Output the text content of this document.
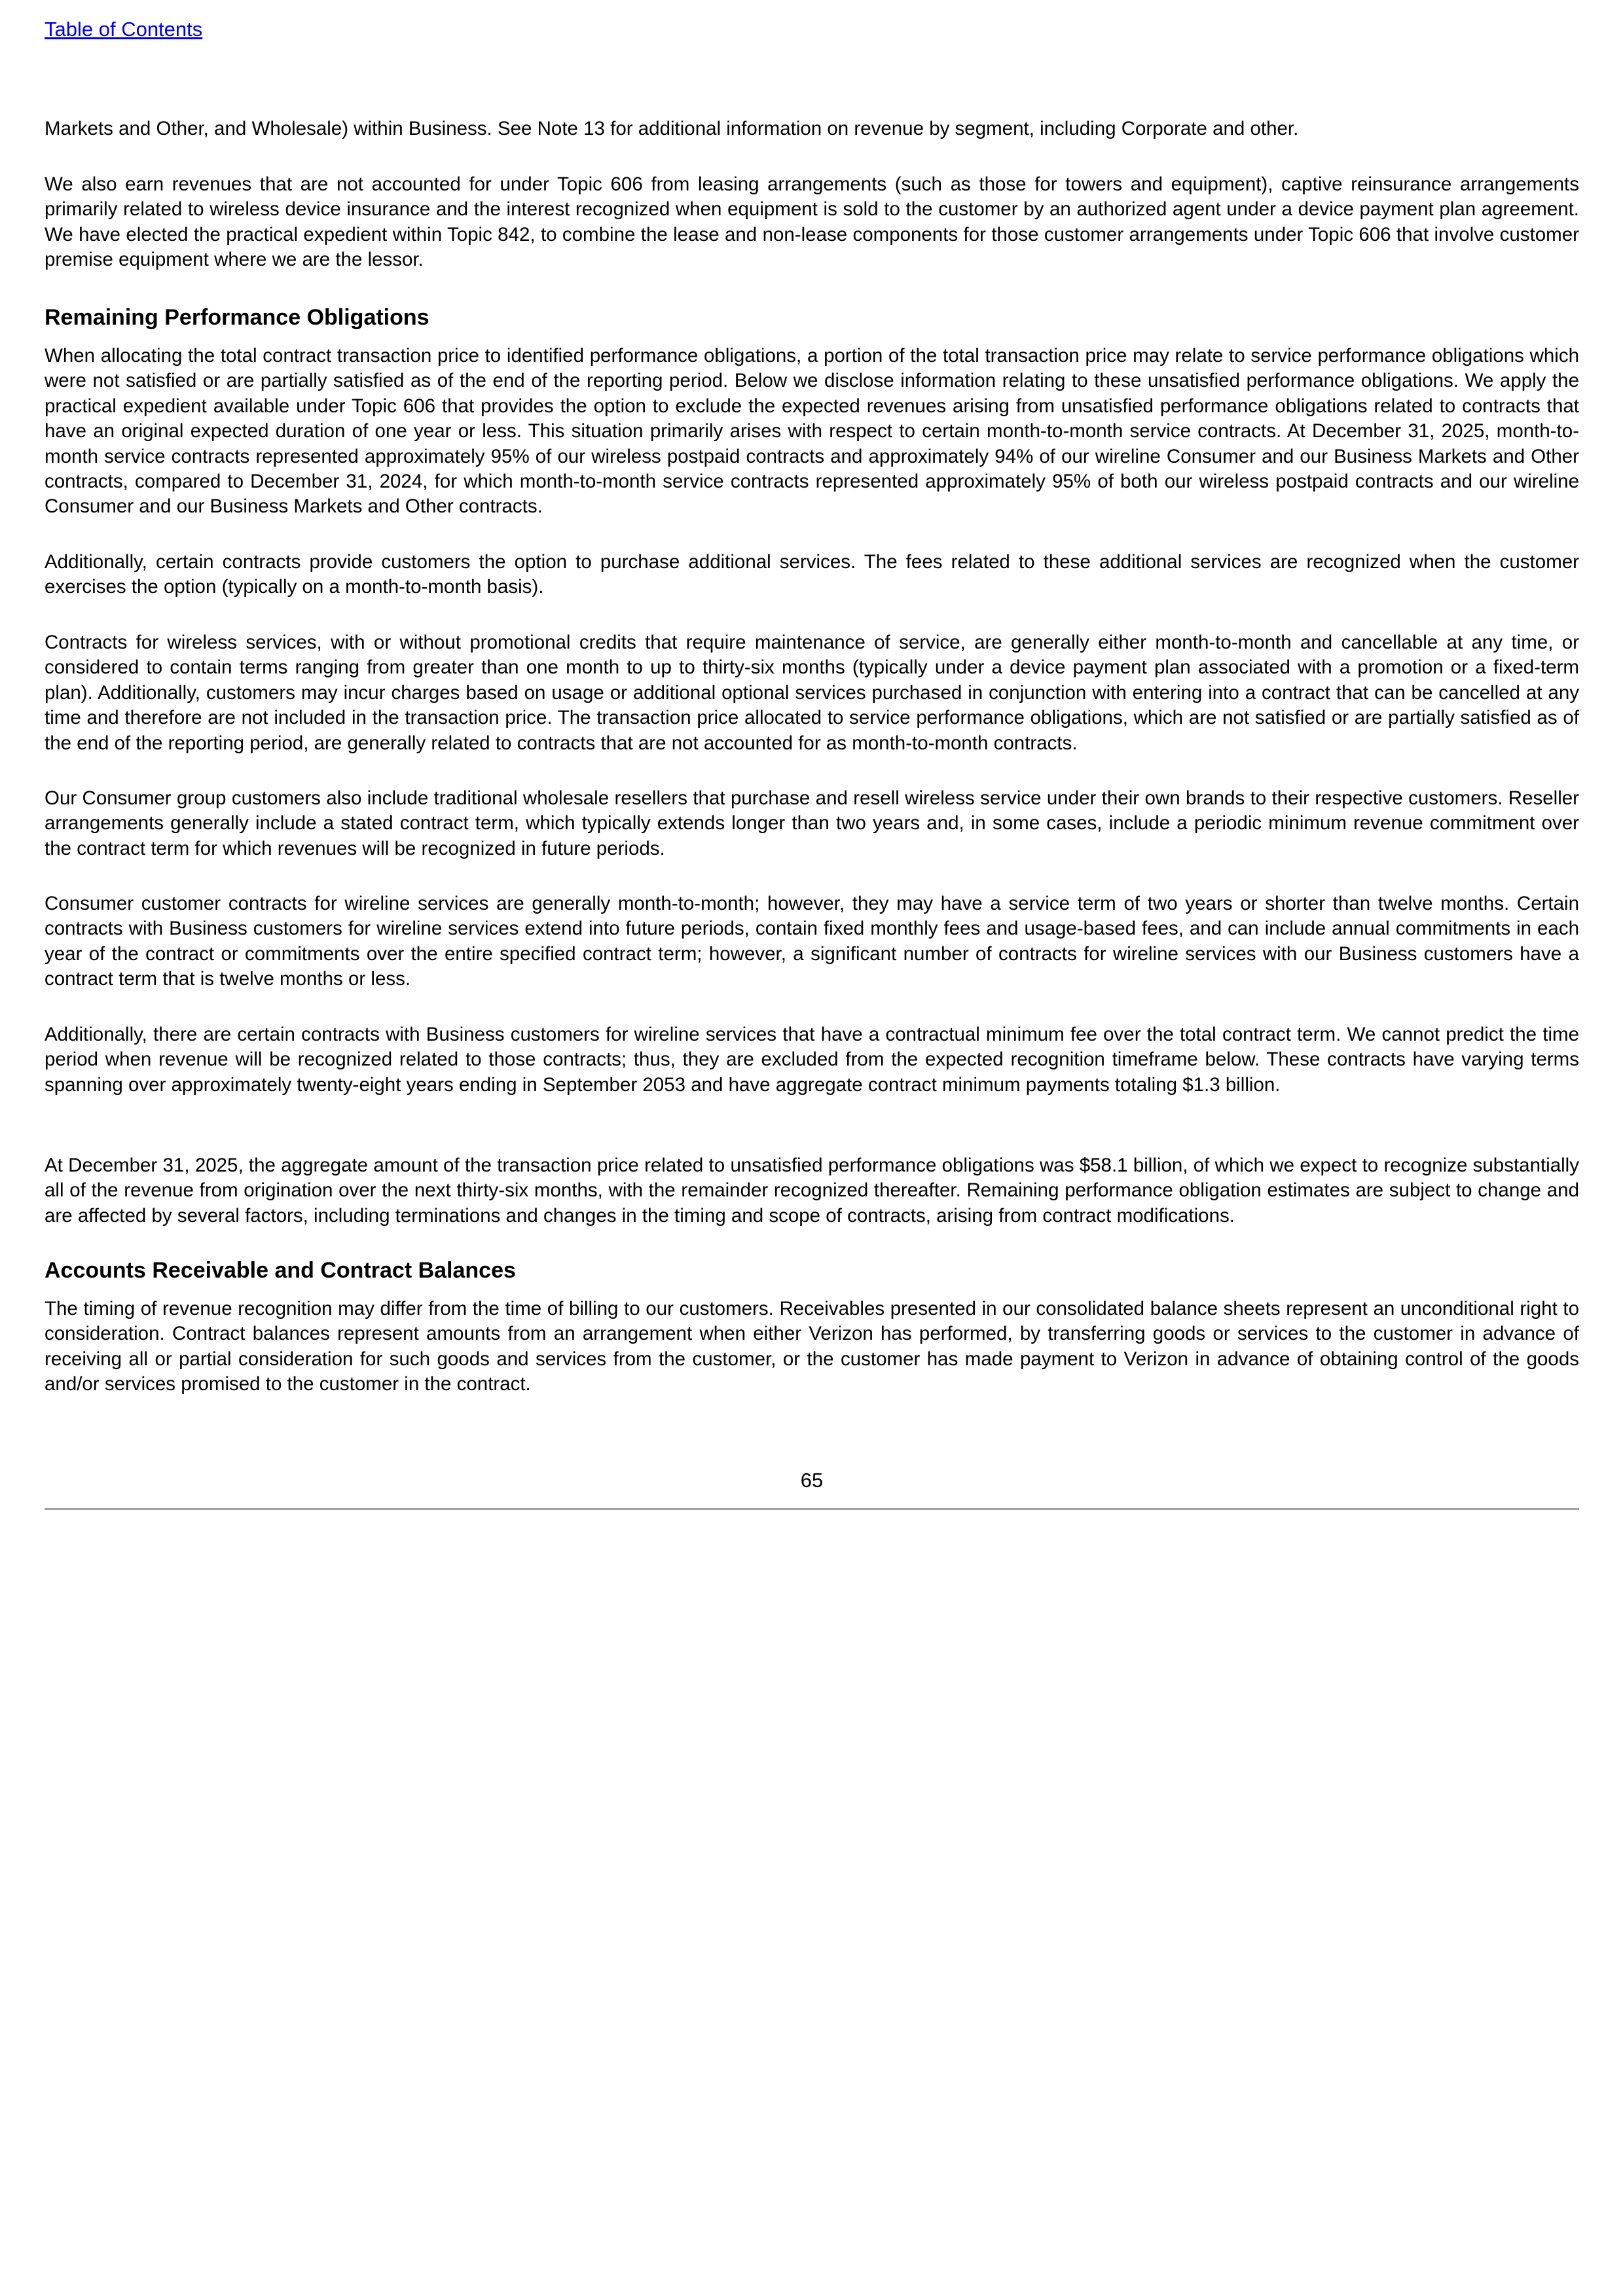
Table of Contents

Markets and Other, and Wholesale) within Business. See Note 13 for additional information on revenue by segment, including Corporate and other.

We also earn revenues that are not accounted for under Topic 606 from leasing arrangements (such as those for towers and equipment), captive reinsurance arrangements primarily related to wireless device insurance and the interest recognized when equipment is sold to the customer by an authorized agent under a device payment plan agreement. We have elected the practical expedient within Topic 842, to combine the lease and non-lease components for those customer arrangements under Topic 606 that involve customer premise equipment where we are the lessor.

Remaining Performance Obligations

When allocating the total contract transaction price to identified performance obligations, a portion of the total transaction price may relate to service performance obligations which were not satisfied or are partially satisfied as of the end of the reporting period. Below we disclose information relating to these unsatisfied performance obligations. We apply the practical expedient available under Topic 606 that provides the option to exclude the expected revenues arising from unsatisfied performance obligations related to contracts that have an original expected duration of one year or less. This situation primarily arises with respect to certain month-to-month service contracts. At December 31, 2025, month-to-month service contracts represented approximately 95% of our wireless postpaid contracts and approximately 94% of our wireline Consumer and our Business Markets and Other contracts, compared to December 31, 2024, for which month-to-month service contracts represented approximately 95% of both our wireless postpaid contracts and our wireline Consumer and our Business Markets and Other contracts.

Additionally, certain contracts provide customers the option to purchase additional services. The fees related to these additional services are recognized when the customer exercises the option (typically on a month-to-month basis).

Contracts for wireless services, with or without promotional credits that require maintenance of service, are generally either month-to-month and cancellable at any time, or considered to contain terms ranging from greater than one month to up to thirty-six months (typically under a device payment plan associated with a promotion or a fixed-term plan). Additionally, customers may incur charges based on usage or additional optional services purchased in conjunction with entering into a contract that can be cancelled at any time and therefore are not included in the transaction price. The transaction price allocated to service performance obligations, which are not satisfied or are partially satisfied as of the end of the reporting period, are generally related to contracts that are not accounted for as month-to-month contracts.

Our Consumer group customers also include traditional wholesale resellers that purchase and resell wireless service under their own brands to their respective customers. Reseller arrangements generally include a stated contract term, which typically extends longer than two years and, in some cases, include a periodic minimum revenue commitment over the contract term for which revenues will be recognized in future periods.

Consumer customer contracts for wireline services are generally month-to-month; however, they may have a service term of two years or shorter than twelve months. Certain contracts with Business customers for wireline services extend into future periods, contain fixed monthly fees and usage-based fees, and can include annual commitments in each year of the contract or commitments over the entire specified contract term; however, a significant number of contracts for wireline services with our Business customers have a contract term that is twelve months or less.

Additionally, there are certain contracts with Business customers for wireline services that have a contractual minimum fee over the total contract term. We cannot predict the time period when revenue will be recognized related to those contracts; thus, they are excluded from the expected recognition timeframe below. These contracts have varying terms spanning over approximately twenty-eight years ending in September 2053 and have aggregate contract minimum payments totaling $1.3 billion.

At December 31, 2025, the aggregate amount of the transaction price related to unsatisfied performance obligations was $58.1 billion, of which we expect to recognize substantially all of the revenue from origination over the next thirty-six months, with the remainder recognized thereafter. Remaining performance obligation estimates are subject to change and are affected by several factors, including terminations and changes in the timing and scope of contracts, arising from contract modifications.

Accounts Receivable and Contract Balances

The timing of revenue recognition may differ from the time of billing to our customers. Receivables presented in our consolidated balance sheets represent an unconditional right to consideration. Contract balances represent amounts from an arrangement when either Verizon has performed, by transferring goods or services to the customer in advance of receiving all or partial consideration for such goods and services from the customer, or the customer has made payment to Verizon in advance of obtaining control of the goods and/or services promised to the customer in the contract.

65
